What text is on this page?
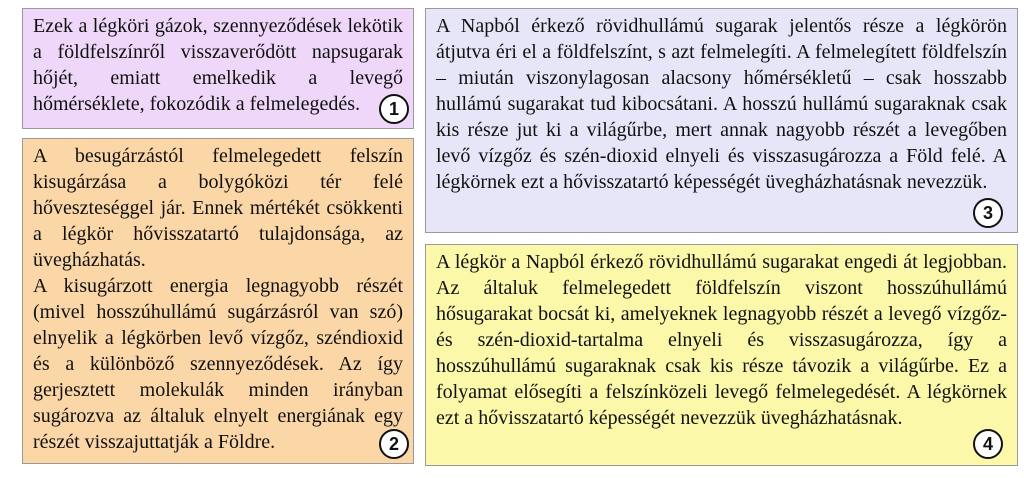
Ezek a légköri gázok, szennyeződések lekötik a földfelszínről visszaverődött napsugarak hőjét, emiatt emelkedik a levegő hőmérséklete, fokozódik a felmelegedés.	1

A besugárzástól felmelegedett felszín kisugárzása a bolygóközi tér felé hőveszteséggel jár. Ennek mértékét csökkenti a légkör hővisszatartó tulajdonsága, az üvegházhatás.

A kisugárzott energia legnagyobb részét (mivel hosszúhullámú sugárzásról van szó) elnyelik a légkörben levő vízgőz, széndioxid és a különböző szennyeződések. Az így gerjesztett molekulák minden irányban sugározva az általuk elnyelt energiának egy részét visszajuttatják a Földre.	2

A Napból érkező rövidhullámú sugarak jelentős része a légkörön átjutva éri el a földfelszínt, s azt felmelegíti. A felmelegített földfelszín – miután viszonylagosan alacsony hőmérsékletű – csak hosszabb hullámú sugarakat tud kibocsátani. A hosszú hullámú sugaraknak csak kis része jut ki a világűrbe, mert annak nagyobb részét a levegőben levő vízgőz és szén-dioxid elnyeli és visszasugározza a Föld felé. A légkörnek ezt a hővisszatartó képességét üvegházhatásnak nevezzük.

3

A légkör a Napból érkező rövidhullámú sugarakat engedi át legjobban. Az általuk felmelegedett földfelszín viszont hosszúhullámú hősugarakat bocsát ki, amelyeknek legnagyobb részét a levegő vízgőz- és szén-dioxid-tartalma elnyeli és visszasugározza, így a hosszúhullámú sugaraknak csak kis része távozik a világűrbe. Ez a folyamat elősegíti a felszínközeli levegő felmelegedését. A légkörnek ezt a hővisszatartó képességét nevezzük üvegházhatásnak.

4
